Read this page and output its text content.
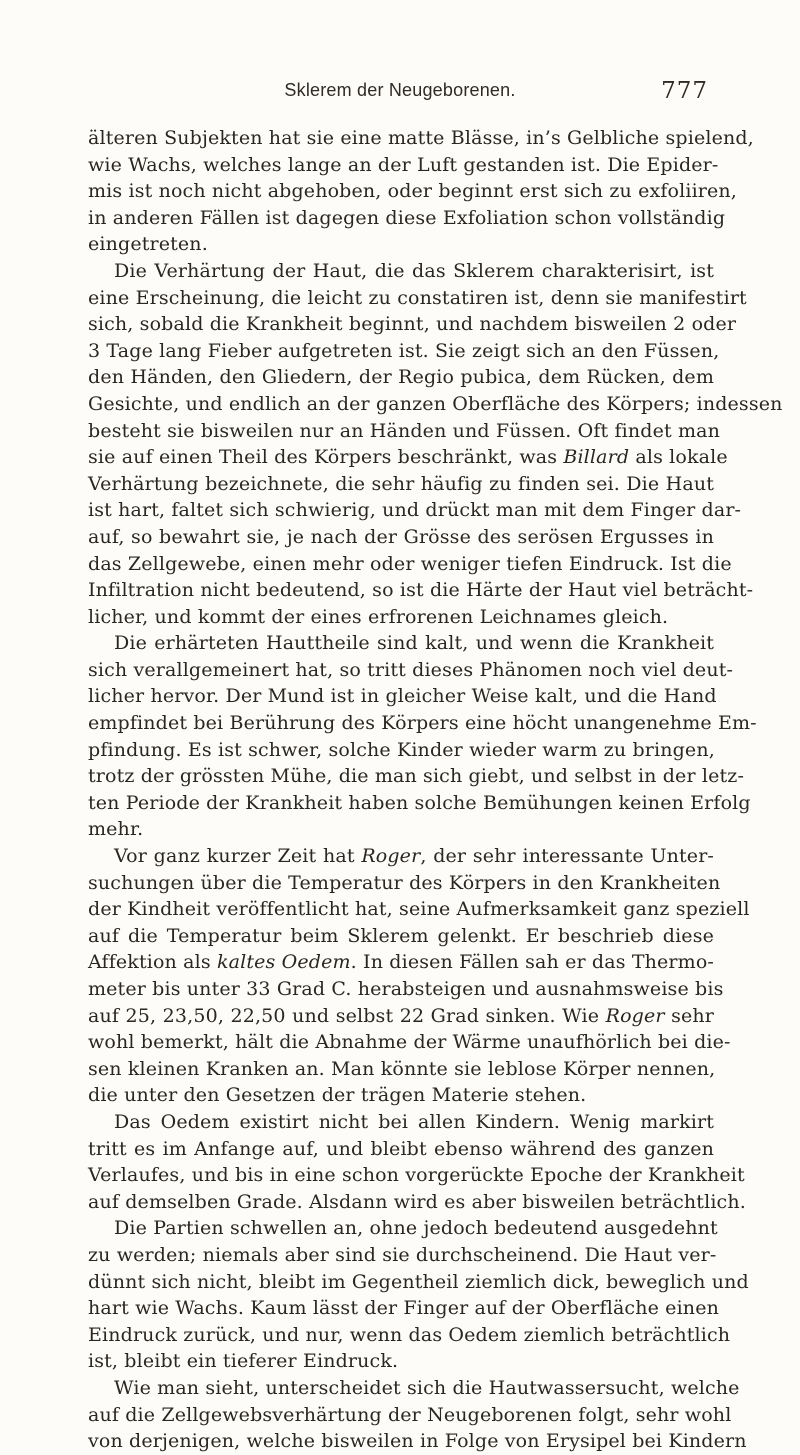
Sklerem der Neugeborenen.	777
älteren Subjekten hat sie eine matte Blässe, in’s Gelbliche spielend,
wie Wachs, welches lange an der Luft gestanden ist. Die Epider-
mis ist noch nicht abgehoben, oder beginnt erst sich zu exfoliiren,
in anderen Fällen ist dagegen diese Exfoliation schon vollständig
eingetreten.
Die Verhärtung der Haut, die das Sklerem charakterisirt, ist
eine Erscheinung, die leicht zu constatiren ist, denn sie manifestirt
sich, sobald die Krankheit beginnt, und nachdem bisweilen 2 oder
3 Tage lang Fieber aufgetreten ist. Sie zeigt sich an den Füssen,
den Händen, den Gliedern, der Regio pubica, dem Rücken, dem
Gesichte, und endlich an der ganzen Oberfläche des Körpers; indessen
besteht sie bisweilen nur an Händen und Füssen. Oft findet man
sie auf einen Theil des Körpers beschränkt, was Billard als lokale
Verhärtung bezeichnete, die sehr häufig zu finden sei. Die Haut
ist hart, faltet sich schwierig, und drückt man mit dem Finger dar-
auf, so bewahrt sie, je nach der Grösse des serösen Ergusses in
das Zellgewebe, einen mehr oder weniger tiefen Eindruck. Ist die
Infiltration nicht bedeutend, so ist die Härte der Haut viel beträcht-
licher, und kommt der eines erfrorenen Leichnames gleich.
Die erhärteten Hauttheile sind kalt, und wenn die Krankheit
sich verallgemeinert hat, so tritt dieses Phänomen noch viel deut-
licher hervor. Der Mund ist in gleicher Weise kalt, und die Hand
empfindet bei Berührung des Körpers eine höcht unangenehme Em-
pfindung. Es ist schwer, solche Kinder wieder warm zu bringen,
trotz der grössten Mühe, die man sich giebt, und selbst in der letz-
ten Periode der Krankheit haben solche Bemühungen keinen Erfolg
mehr.
Vor ganz kurzer Zeit hat Roger, der sehr interessante Unter-
suchungen über die Temperatur des Körpers in den Krankheiten
der Kindheit veröffentlicht hat, seine Aufmerksamkeit ganz speziell
auf die Temperatur beim Sklerem gelenkt. Er beschrieb diese
Affektion als kaltes Oedem. In diesen Fällen sah er das Thermo-
meter bis unter 33 Grad C. herabsteigen und ausnahmsweise bis
auf 25, 23,50, 22,50 und selbst 22 Grad sinken. Wie Roger sehr
wohl bemerkt, hält die Abnahme der Wärme unaufhörlich bei die-
sen kleinen Kranken an. Man könnte sie leblose Körper nennen,
die unter den Gesetzen der trägen Materie stehen.
Das Oedem existirt nicht bei allen Kindern. Wenig markirt
tritt es im Anfange auf, und bleibt ebenso während des ganzen
Verlaufes, und bis in eine schon vorgerückte Epoche der Krankheit
auf demselben Grade. Alsdann wird es aber bisweilen beträchtlich.
Die Partien schwellen an, ohne jedoch bedeutend ausgedehnt
zu werden; niemals aber sind sie durchscheinend. Die Haut ver-
dünnt sich nicht, bleibt im Gegentheil ziemlich dick, beweglich und
hart wie Wachs. Kaum lässt der Finger auf der Oberfläche einen
Eindruck zurück, und nur, wenn das Oedem ziemlich beträchtlich
ist, bleibt ein tieferer Eindruck.
Wie man sieht, unterscheidet sich die Hautwassersucht, welche
auf die Zellgewebsverhärtung der Neugeborenen folgt, sehr wohl
von derjenigen, welche bisweilen in Folge von Erysipel bei Kindern
